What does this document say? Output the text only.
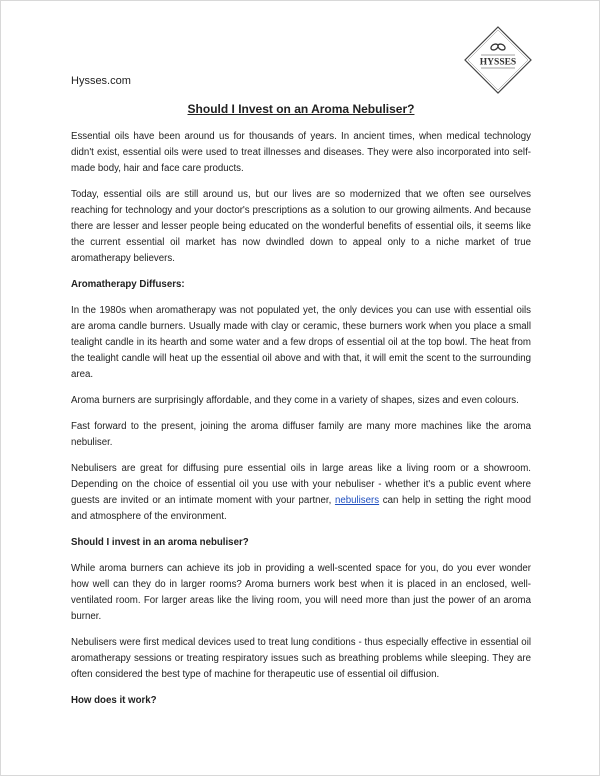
HYSSES
Hysses.com
Should I Invest on an Aroma Nebuliser?

Essential oils have been around us for thousands of years. In ancient times, when medical technology didn't exist, essential oils were used to treat illnesses and diseases. They were also incorporated into self-made body, hair and face care products.

Today, essential oils are still around us, but our lives are so modernized that we often see ourselves reaching for technology and your doctor's prescriptions as a solution to our growing ailments. And because there are lesser and lesser people being educated on the wonderful benefits of essential oils, it seems like the current essential oil market has now dwindled down to appeal only to a niche market of true aromatherapy believers.

Aromatherapy Diffusers:

In the 1980s when aromatherapy was not populated yet, the only devices you can use with essential oils are aroma candle burners. Usually made with clay or ceramic, these burners work when you place a small tealight candle in its hearth and some water and a few drops of essential oil at the top bowl. The heat from the tealight candle will heat up the essential oil above and with that, it will emit the scent to the surrounding area.

Aroma burners are surprisingly affordable, and they come in a variety of shapes, sizes and even colours.

Fast forward to the present, joining the aroma diffuser family are many more machines like the aroma nebuliser.

Nebulisers are great for diffusing pure essential oils in large areas like a living room or a showroom. Depending on the choice of essential oil you use with your nebuliser - whether it's a public event where guests are invited or an intimate moment with your partner, nebulisers can help in setting the right mood and atmosphere of the environment.

Should I invest in an aroma nebuliser?

While aroma burners can achieve its job in providing a well-scented space for you, do you ever wonder how well can they do in larger rooms? Aroma burners work best when it is placed in an enclosed, well-ventilated room. For larger areas like the living room, you will need more than just the power of an aroma burner.

Nebulisers were first medical devices used to treat lung conditions - thus especially effective in essential oil aromatherapy sessions or treating respiratory issues such as breathing problems while sleeping. They are often considered the best type of machine for therapeutic use of essential oil diffusion.

How does it work?
